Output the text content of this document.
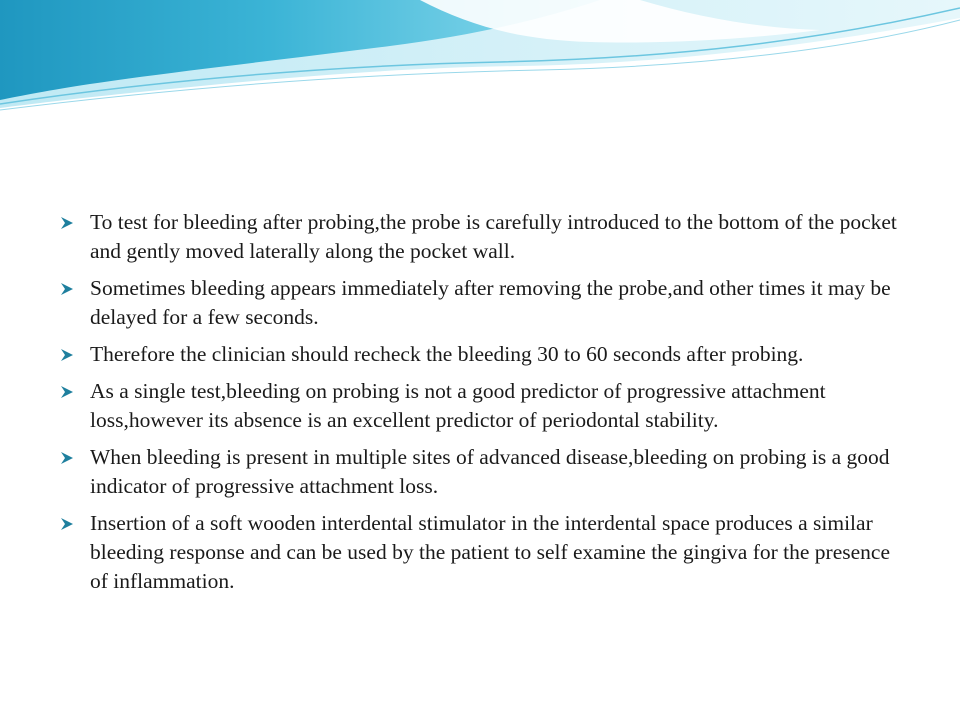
To test for bleeding after probing,the probe is carefully introduced to the bottom of the pocket and gently moved laterally along the pocket wall.
Sometimes bleeding appears immediately after removing the probe,and other times it may be delayed for a few seconds.
Therefore the clinician should recheck the bleeding 30 to 60 seconds after probing.
As a single test,bleeding on probing is not a good predictor of progressive attachment loss,however its absence is an excellent predictor of periodontal stability.
When bleeding is present in multiple sites of advanced disease,bleeding on probing is a good indicator of progressive attachment loss.
Insertion of a soft wooden interdental stimulator in the interdental space produces a similar bleeding response and can be used by the patient to self examine the gingiva for the presence of inflammation.
